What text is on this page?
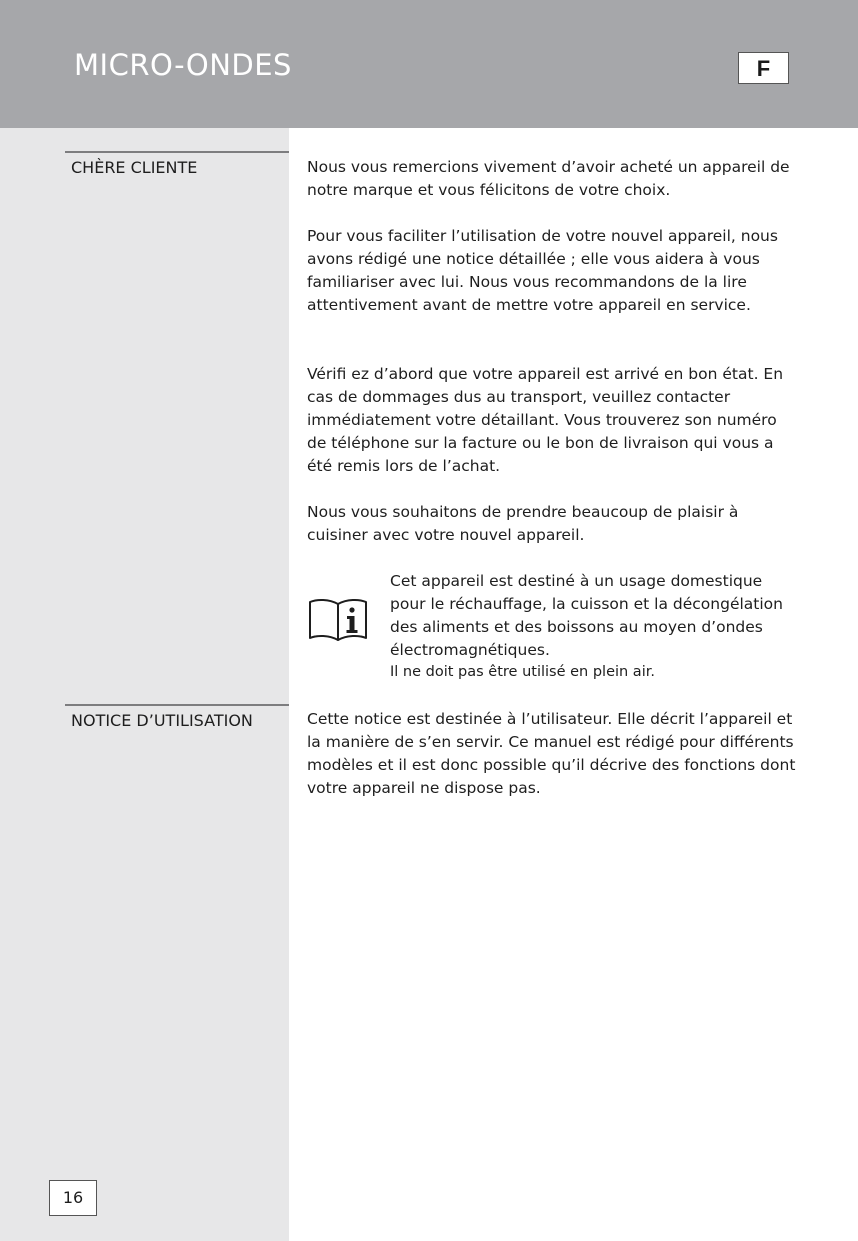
MICRO-ONDES	F
CHÈRE CLIENTE
NOTICE D’UTILISATION

Nous vous remercions vivement d’avoir acheté un appareil de notre marque et vous félicitons de votre choix.

Pour vous faciliter l’utilisation de votre nouvel appareil, nous avons rédigé une notice détaillée ; elle vous aidera à vous familiariser avec lui. Nous vous recommandons de la lire attentivement avant de mettre votre appareil en service.

Vérifi ez d’abord que votre appareil est arrivé en bon état. En cas de dommages dus au transport, veuillez contacter immédiatement votre détaillant. Vous trouverez son numéro de téléphone sur la facture ou le bon de livraison qui vous a été remis lors de l’achat.

Nous vous souhaitons de prendre beaucoup de plaisir à cuisiner avec votre nouvel appareil.

Cet appareil est destiné à un usage domestique pour le réchauffage, la cuisson et la décongélation des aliments et des boissons au moyen d’ondes électromagnétiques.

Il ne doit pas être utilisé en plein air.

Cette notice est destinée à l’utilisateur. Elle décrit l’appareil et la manière de s’en servir. Ce manuel est rédigé pour différents modèles et il est donc possible qu’il décrive des fonctions dont votre appareil ne dispose pas.

16
